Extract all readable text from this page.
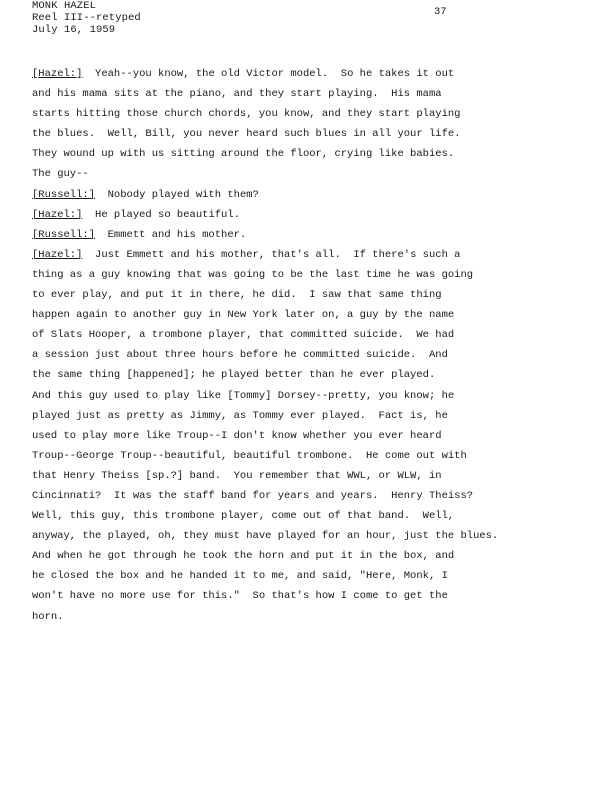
MONK HAZEL
Reel III--retyped
July 16, 1959
37
[Hazel:]  Yeah--you know, the old Victor model.  So he takes it out
and his mama sits at the piano, and they start playing.  His mama
starts hitting those church chords, you know, and they start playing
the blues.  Well, Bill, you never heard such blues in all your life.
They wound up with us sitting around the floor, crying like babies.
The guy--
[Russell:]  Nobody played with them?
[Hazel:]  He played so beautiful.
[Russell:]  Emmett and his mother.
[Hazel:]  Just Emmett and his mother, that's all.  If there's such a
thing as a guy knowing that was going to be the last time he was going
to ever play, and put it in there, he did.  I saw that same thing
happen again to another guy in New York later on, a guy by the name
of Slats Hooper, a trombone player, that committed suicide.  We had
a session just about three hours before he committed suicide.  And
the same thing [happened]; he played better than he ever played.
And this guy used to play like [Tommy] Dorsey--pretty, you know; he
played just as pretty as Jimmy, as Tommy ever played.  Fact is, he
used to play more like Troup--I don't know whether you ever heard
Troup--George Troup--beautiful, beautiful trombone.  He come out with
that Henry Theiss [sp.?] band.  You remember that WWL, or WLW, in
Cincinnati?  It was the staff band for years and years.  Henry Theiss?
Well, this guy, this trombone player, come out of that band.  Well,
anyway, the played, oh, they must have played for an hour, just the blues.
And when he got through he took the horn and put it in the box, and
he closed the box and he handed it to me, and said, "Here, Monk, I
won't have no more use for this."  So that's how I come to get the
horn.
